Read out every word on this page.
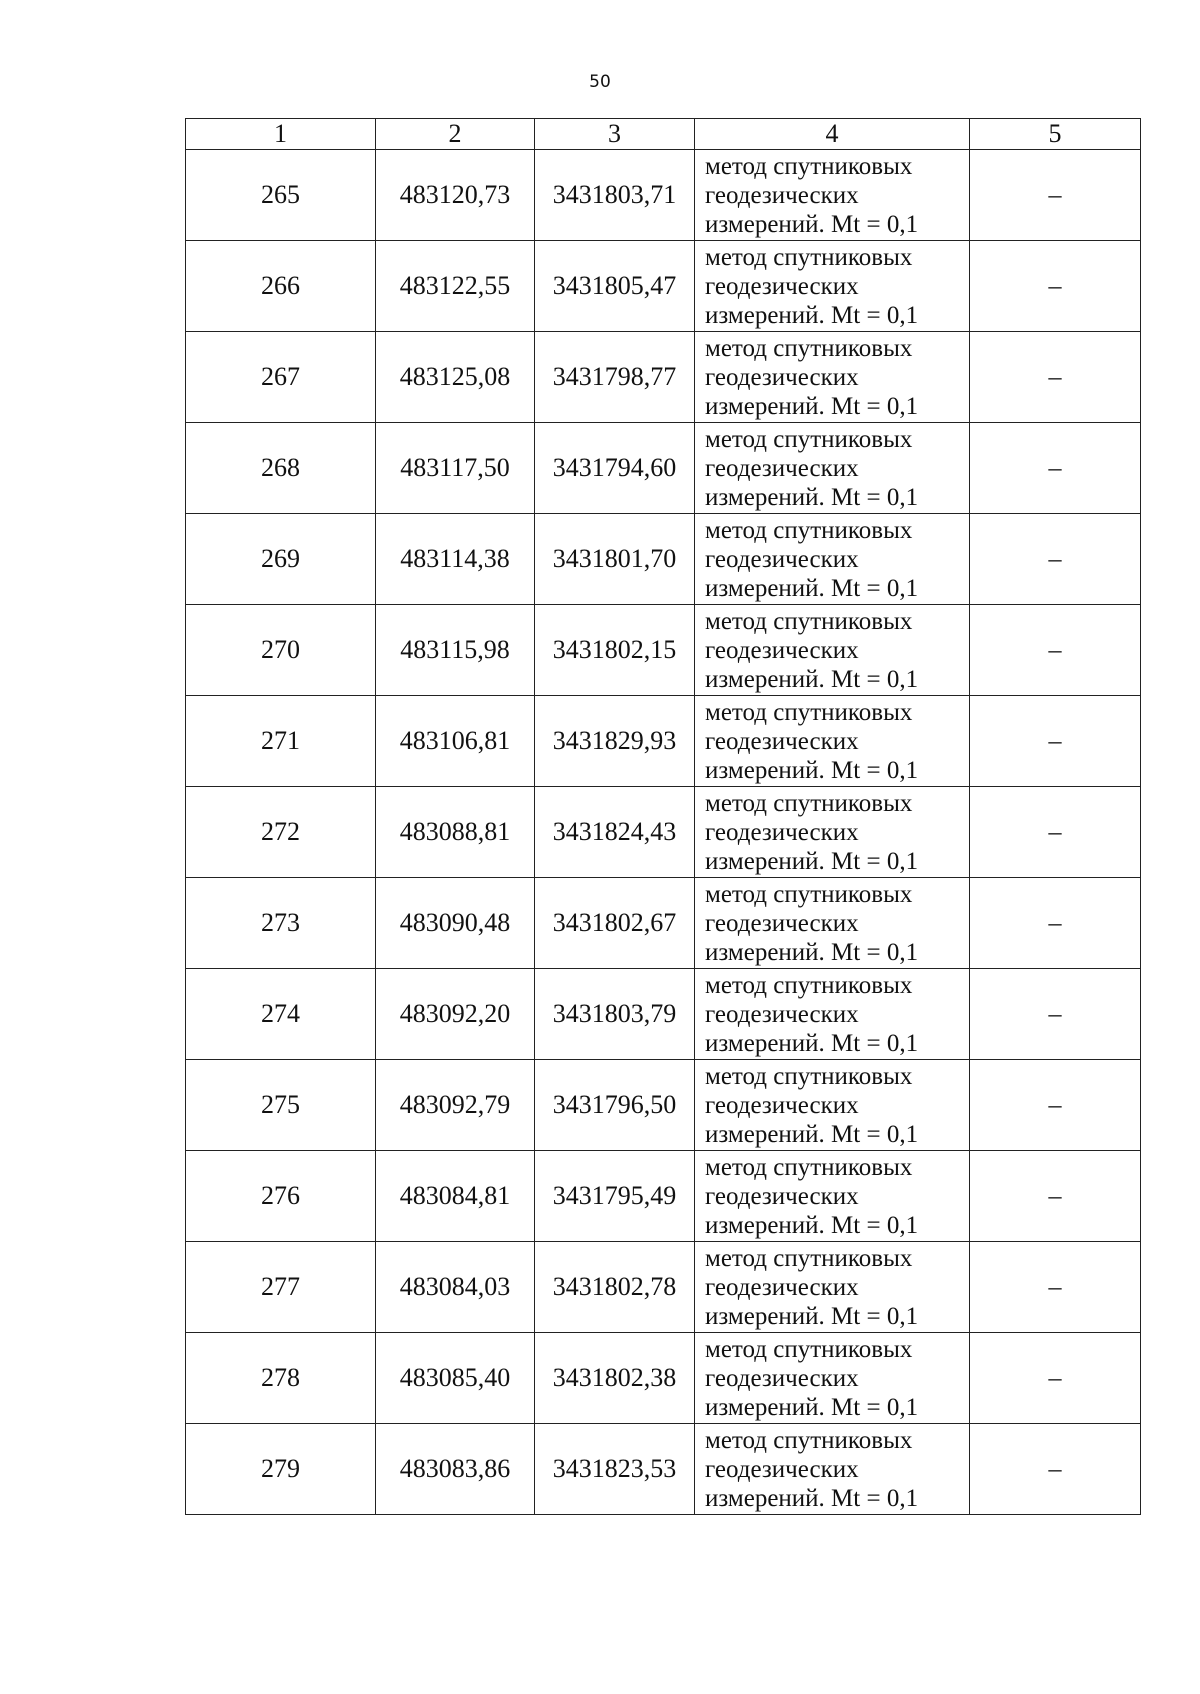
50
1	2	3	4	5
265	483120,73	3431803,71	метод спутниковых
геодезических
измерений. Mt = 0,1	–
266	483122,55	3431805,47	метод спутниковых
геодезических
измерений. Mt = 0,1	–
267	483125,08	3431798,77	метод спутниковых
геодезических
измерений. Mt = 0,1	–
268	483117,50	3431794,60	метод спутниковых
геодезических
измерений. Mt = 0,1	–
269	483114,38	3431801,70	метод спутниковых
геодезических
измерений. Mt = 0,1	–
270	483115,98	3431802,15	метод спутниковых
геодезических
измерений. Mt = 0,1	–
271	483106,81	3431829,93	метод спутниковых
геодезических
измерений. Mt = 0,1	–
272	483088,81	3431824,43	метод спутниковых
геодезических
измерений. Mt = 0,1	–
273	483090,48	3431802,67	метод спутниковых
геодезических
измерений. Mt = 0,1	–
274	483092,20	3431803,79	метод спутниковых
геодезических
измерений. Mt = 0,1	–
275	483092,79	3431796,50	метод спутниковых
геодезических
измерений. Mt = 0,1	–
276	483084,81	3431795,49	метод спутниковых
геодезических
измерений. Mt = 0,1	–
277	483084,03	3431802,78	метод спутниковых
геодезических
измерений. Mt = 0,1	–
278	483085,40	3431802,38	метод спутниковых
геодезических
измерений. Mt = 0,1	–
279	483083,86	3431823,53	метод спутниковых
геодезических
измерений. Mt = 0,1	–
